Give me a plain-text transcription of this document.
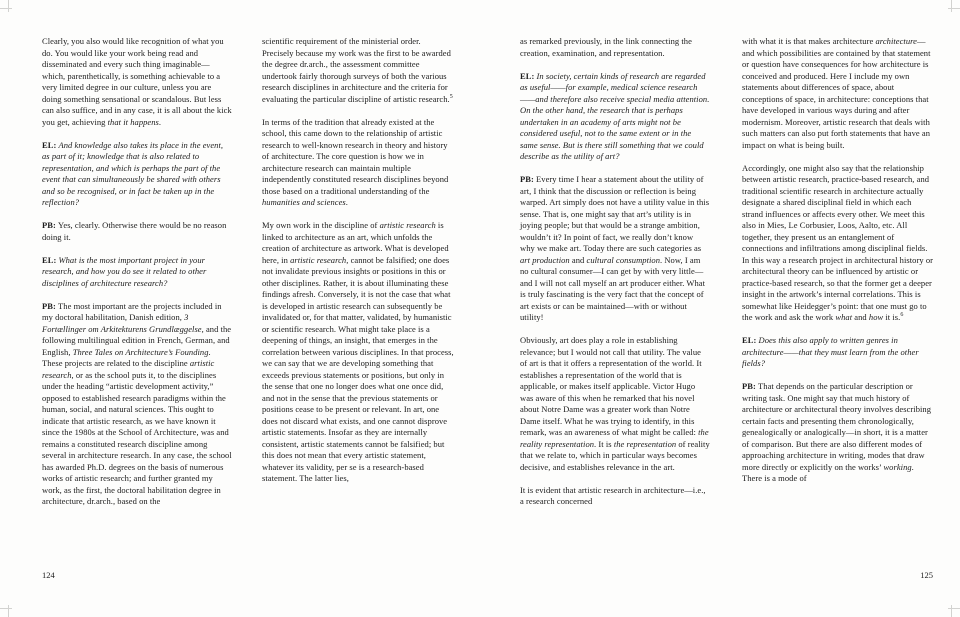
Clearly, you also would like recognition of what you do. You would like your work being read and disseminated and every such thing imaginable—which, parenthetically, is something achievable to a very limited degree in our culture, unless you are doing something sensational or scandalous. But less can also suffice, and in any case, it is all about the kick you get, achieving that it happens.

EL: And knowledge also takes its place in the event, as part of it; knowledge that is also related to representation, and which is perhaps the part of the event that can simultaneously be shared with others and so be recognised, or in fact be taken up in the reflection?

PB: Yes, clearly. Otherwise there would be no reason doing it.

EL: What is the most important project in your research, and how you do see it related to other disciplines of architecture research?

PB: The most important are the projects included in my doctoral habilitation, Danish edition, 3 Fortællinger om Arkitekturens Grundlæggelse, and the following multilingual edition in French, German, and English, Three Tales on Architecture’s Founding.

These projects are related to the discipline artistic research, or as the school puts it, to the disciplines under the heading “artistic development activity,” opposed to established research paradigms within the human, social, and natural sciences. This ought to indicate that artistic research, as we have known it since the 1980s at the School of Architecture, was and remains a constituted research discipline among several in architecture research. In any case, the school has awarded Ph.D. degrees on the basis of numerous works of artistic research; and further granted my work, as the first, the doctoral habilitation degree in architecture, dr.arch., based on the

scientific requirement of the ministerial order. Precisely because my work was the first to be awarded the degree dr.arch., the assessment committee undertook fairly thorough surveys of both the various research disciplines in architecture and the criteria for evaluating the particular discipline of artistic research.$^5$

In terms of the tradition that already existed at the school, this came down to the relationship of artistic research to well-known research in theory and history of architecture. The core question is how we in architecture research can maintain multiple independently constituted research disciplines beyond those based on a traditional understanding of the humanities and sciences.

My own work in the discipline of artistic research is linked to architecture as an art, which unfolds the creation of architecture as artwork. What is developed here, in artistic research, cannot be falsified; one does not invalidate previous insights or positions in this or other disciplines. Rather, it is about illuminating these findings afresh. Conversely, it is not the case that what is developed in artistic research can subsequently be invalidated or, for that matter, validated, by humanistic or scientific research. What might take place is a deepening of things, an insight, that emerges in the correlation between various disciplines. In that process, we can say that we are developing something that exceeds previous statements or positions, but only in the sense that one no longer does what one once did, and not in the sense that the previous statements or positions cease to be present or relevant. In art, one does not discard what exists, and one cannot disprove artistic statements. Insofar as they are internally consistent, artistic statements cannot be falsified; but this does not mean that every artistic statement, whatever its validity, per se is a research-based statement. The latter lies,

as remarked previously, in the link connecting the creation, examination, and representation.

EL: In society, certain kinds of research are regarded as useful——for example, medical science research——and therefore also receive special media attention. On the other hand, the research that is perhaps undertaken in an academy of arts might not be considered useful, not to the same extent or in the same sense. But is there still something that we could describe as the utility of art?

PB: Every time I hear a statement about the utility of art, I think that the discussion or reflection is being warped. Art simply does not have a utility value in this sense. That is, one might say that art’s utility is in joying people; but that would be a strange ambition, wouldn’t it? In point of fact, we really don’t know why we make art. Today there are such categories as art production and cultural consumption. Now, I am no cultural consumer—I can get by with very little—and I will not call myself an art producer either. What is truly fascinating is the very fact that the concept of art exists or can be maintained—with or without utility!

Obviously, art does play a role in establishing relevance; but I would not call that utility. The value of art is that it offers a representation of the world. It establishes a representation of the world that is applicable, or makes itself applicable. Victor Hugo was aware of this when he remarked that his novel about Notre Dame was a greater work than Notre Dame itself. What he was trying to identify, in this remark, was an awareness of what might be called: the reality representation. It is the representation of reality that we relate to, which in particular ways becomes decisive, and establishes relevance in the art.

It is evident that artistic research in architecture—i.e., a research concerned

with what it is that makes architecture architecture—and which possibilities are contained by that statement or question have consequences for how architecture is conceived and produced. Here I include my own statements about differences of space, about conceptions of space, in architecture: conceptions that have developed in various ways during and after modernism. Moreover, artistic research that deals with such matters can also put forth statements that have an impact on what is being built.

Accordingly, one might also say that the relationship between artistic research, practice-based research, and traditional scientific research in architecture actually designate a shared disciplinal field in which each strand influences or affects every other. We meet this also in Mies, Le Corbusier, Loos, Aalto, etc. All together, they present us an entanglement of connections and infiltrations among disciplinal fields. In this way a research project in architectural history or architectural theory can be influenced by artistic or practice-based research, so that the former get a deeper insight in the artwork’s internal correlations. This is somewhat like Heidegger’s point: that one must go to the work and ask the work what and how it is.$^6$

EL: Does this also apply to written genres in architecture——that they must learn from the other fields?

PB: That depends on the particular description or writing task. One might say that much history of architecture or architectural theory involves describing certain facts and presenting them chronologically, genealogically or analogically—in short, it is a matter of comparison. But there are also different modes of approaching architecture in writing, modes that draw more directly or explicitly on the works’ working. There is a mode of

124	125
